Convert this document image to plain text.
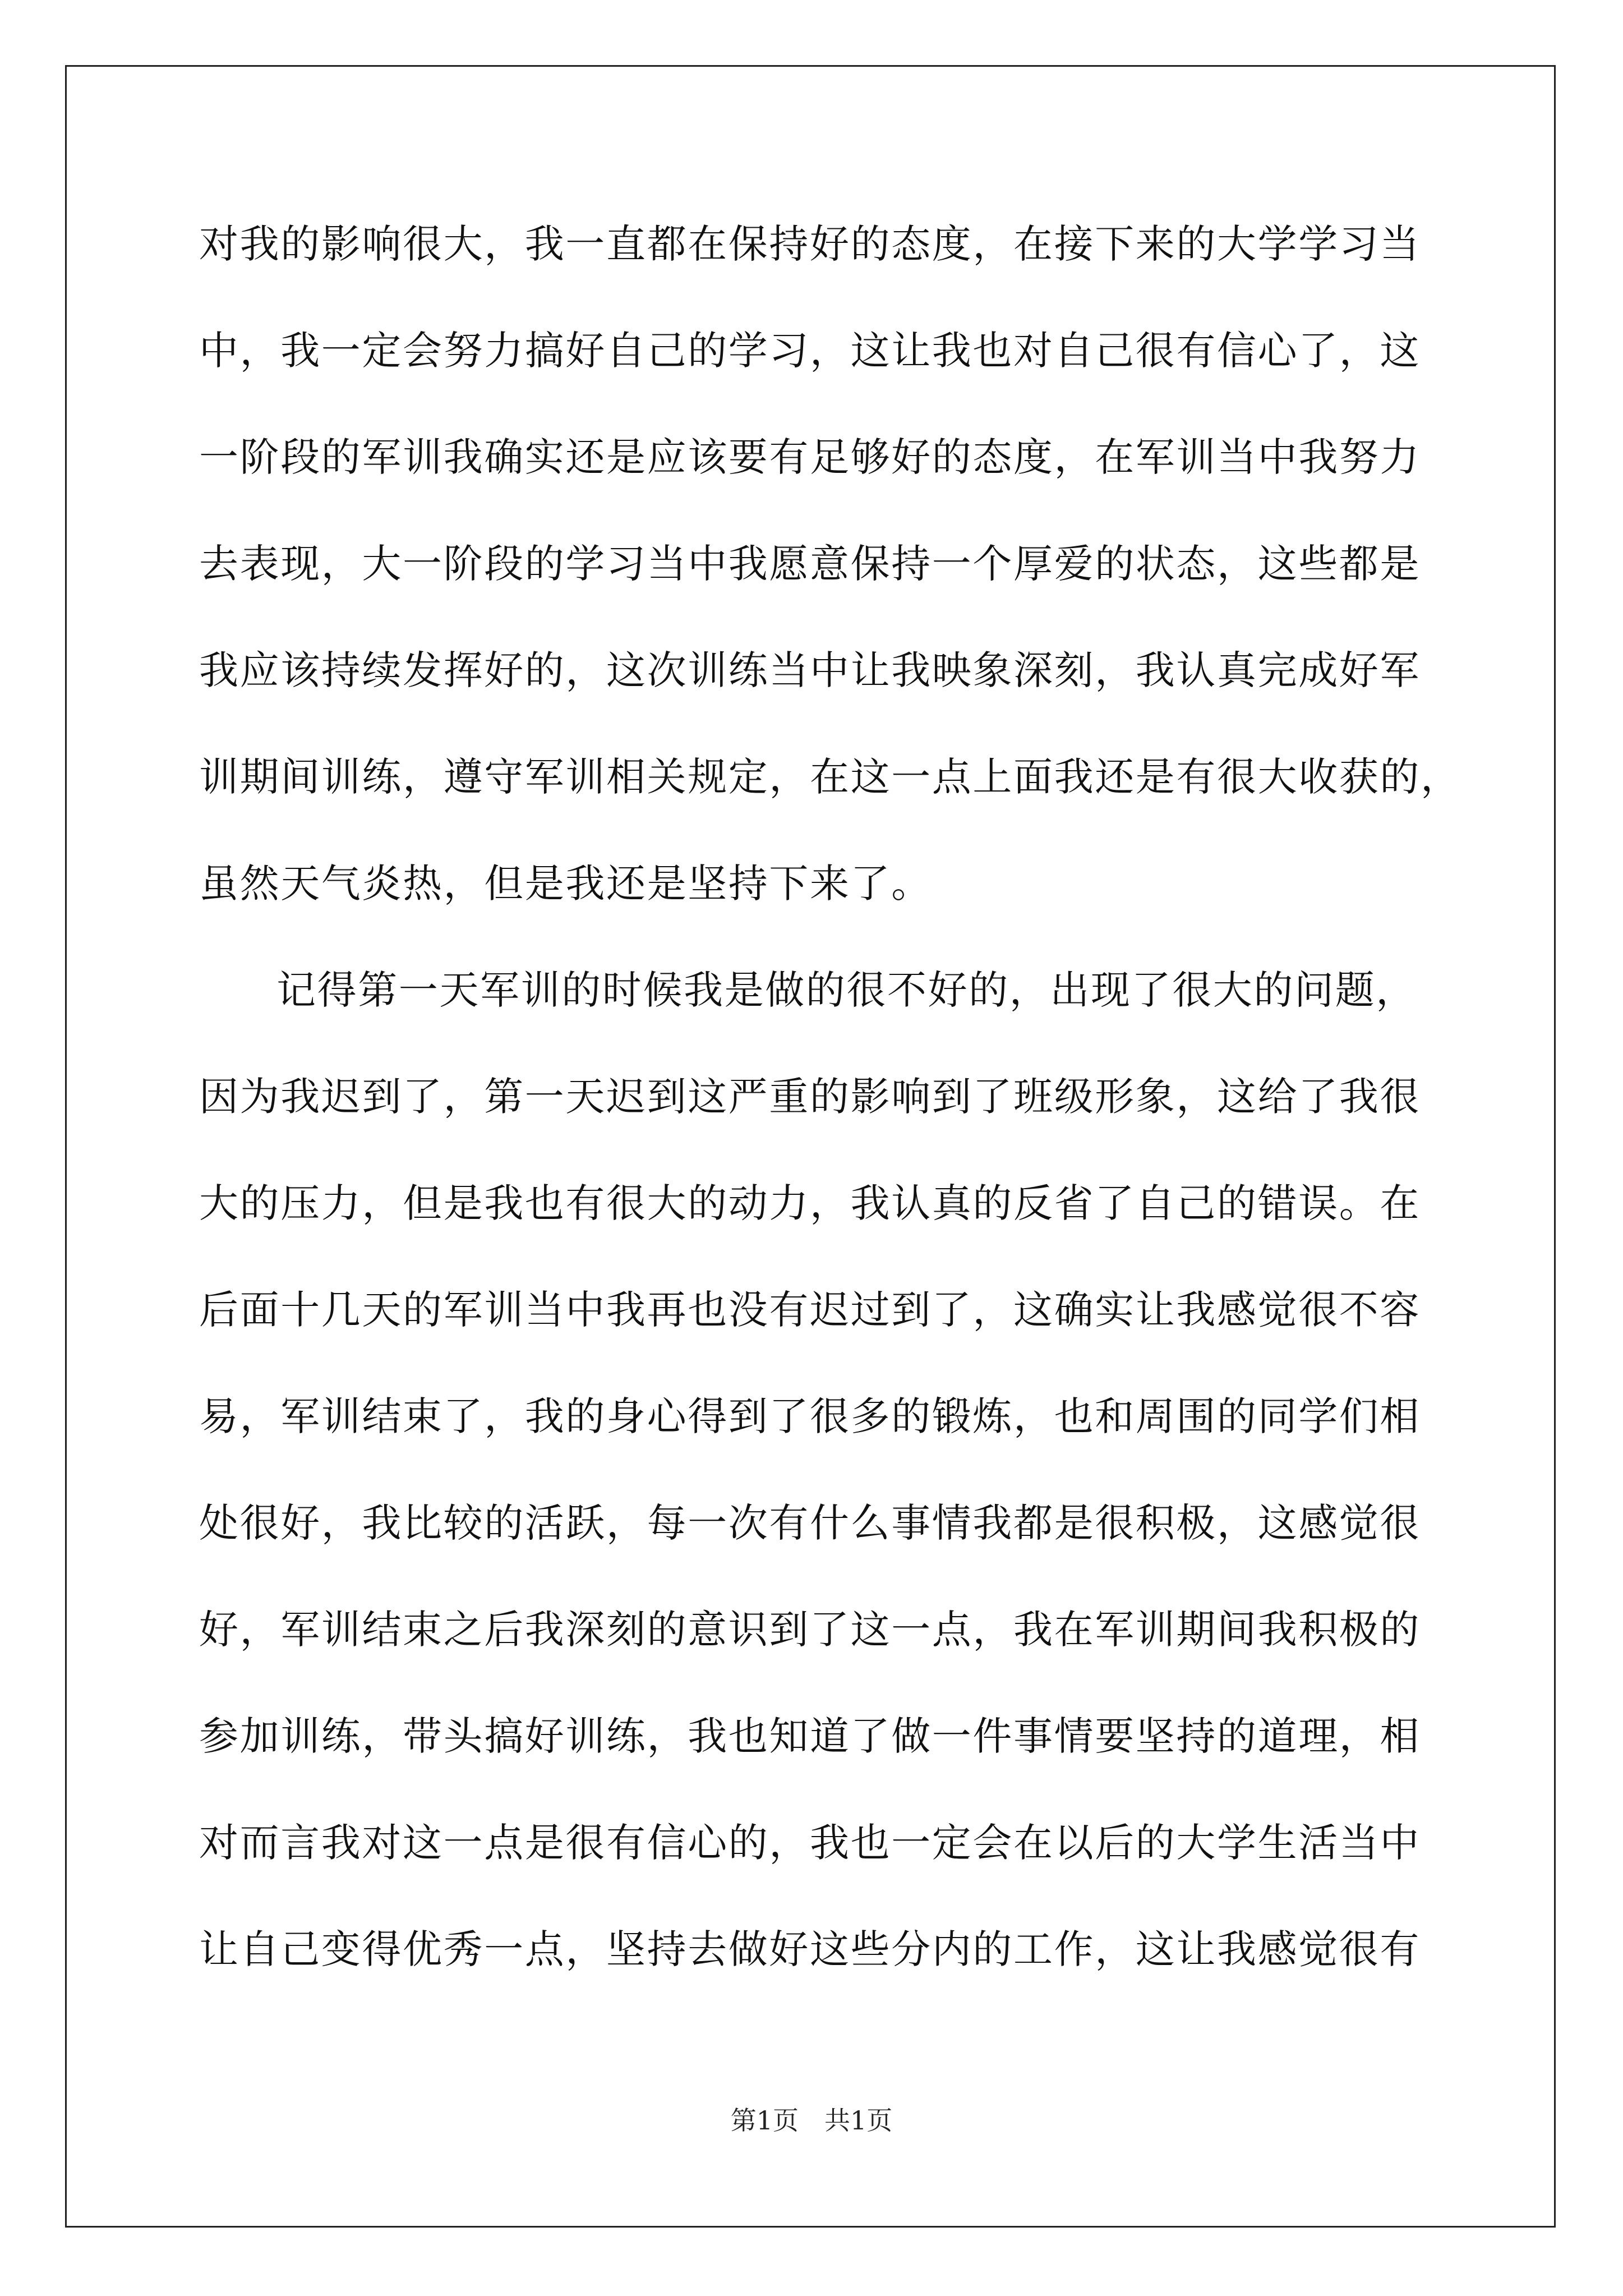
对我的影响很大，我一直都在保持好的态度，在接下来的大学学习当
中，我一定会努力搞好自己的学习，这让我也对自己很有信心了，这
一阶段的军训我确实还是应该要有足够好的态度，在军训当中我努力
去表现，大一阶段的学习当中我愿意保持一个厚爱的状态，这些都是
我应该持续发挥好的，这次训练当中让我映象深刻，我认真完成好军
训期间训练，遵守军训相关规定，在这一点上面我还是有很大收获的，
虽然天气炎热，但是我还是坚持下来了。
记得第一天军训的时候我是做的很不好的，出现了很大的问题，
因为我迟到了，第一天迟到这严重的影响到了班级形象，这给了我很
大的压力，但是我也有很大的动力，我认真的反省了自己的错误。在
后面十几天的军训当中我再也没有迟过到了，这确实让我感觉很不容
易，军训结束了，我的身心得到了很多的锻炼，也和周围的同学们相
处很好，我比较的活跃，每一次有什么事情我都是很积极，这感觉很
好，军训结束之后我深刻的意识到了这一点，我在军训期间我积极的
参加训练，带头搞好训练，我也知道了做一件事情要坚持的道理，相
对而言我对这一点是很有信心的，我也一定会在以后的大学生活当中
让自己变得优秀一点，坚持去做好这些分内的工作，这让我感觉很有
第1页 共1页
